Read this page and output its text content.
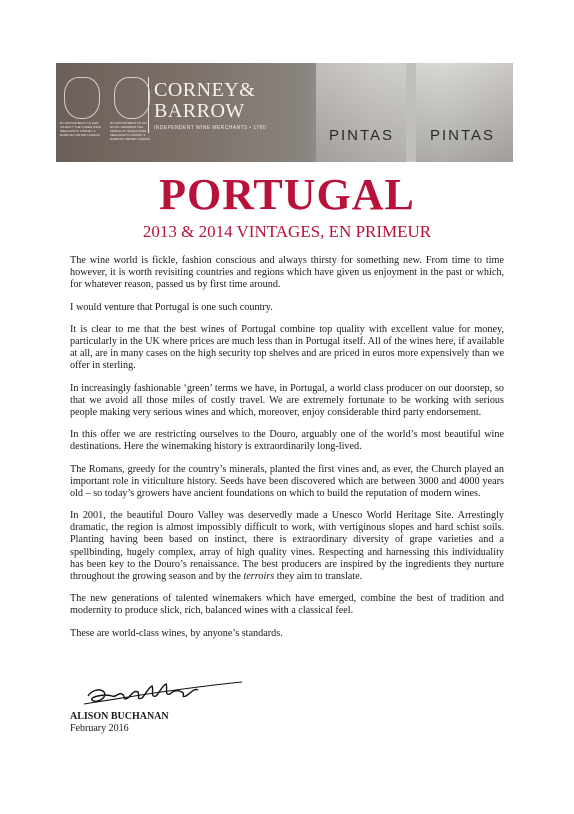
BY APPOINTMENT TO HER MAJESTY THE QUEEN WINE MERCHANTS CORNEY & BARROW LIMITED LONDON
BY APPOINTMENT TO HIS ROYAL HIGHNESS THE PRINCE OF WALES WINE MERCHANTS CORNEY & BARROW LIMITED LONDON
CORNEY&
BARROW
INDEPENDENT WINE MERCHANTS • 1780	PINTAS PINTAS
PORTUGAL
2013 & 2014 VINTAGES, EN PRIMEUR

The wine world is fickle, fashion conscious and always thirsty for something new. From time to time however, it is worth revisiting countries and regions which have given us enjoyment in the past or which, for whatever reason, passed us by first time around.

I would venture that Portugal is one such country.

It is clear to me that the best wines of Portugal combine top quality with excellent value for money, particularly in the UK where prices are much less than in Portugal itself. All of the wines here, if available at all, are in many cases on the high security top shelves and are priced in euros more expensively than we offer in sterling.

In increasingly fashionable ‘green’ terms we have, in Portugal, a world class producer on our doorstep, so that we avoid all those miles of costly travel. We are extremely fortunate to be working with serious people making very serious wines and which, moreover, enjoy considerable third party endorsement.

In this offer we are restricting ourselves to the Douro, arguably one of the world’s most beautiful wine destinations. Here the winemaking history is extraordinarily long-lived.

The Romans, greedy for the country’s minerals, planted the first vines and, as ever, the Church played an important role in viticulture history. Seeds have been discovered which are between 3000 and 4000 years old – so today’s growers have ancient foundations on which to build the reputation of modern wines.

In 2001, the beautiful Douro Valley was deservedly made a Unesco World Heritage Site. Arrestingly dramatic, the region is almost impossibly difficult to work, with vertiginous slopes and hard schist soils. Planting having been based on instinct, there is extraordinary diversity of grape varieties and a spellbinding, hugely complex, array of high quality vines. Respecting and harnessing this individuality has been key to the Douro’s renaissance. The best producers are inspired by the ingredients they nurture throughout the growing season and by the terroirs they aim to translate.

The new generations of talented winemakers which have emerged, combine the best of tradition and modernity to produce slick, rich, balanced wines with a classical feel.

These are world-class wines, by anyone’s standards.

ALISON BUCHANAN
February 2016
